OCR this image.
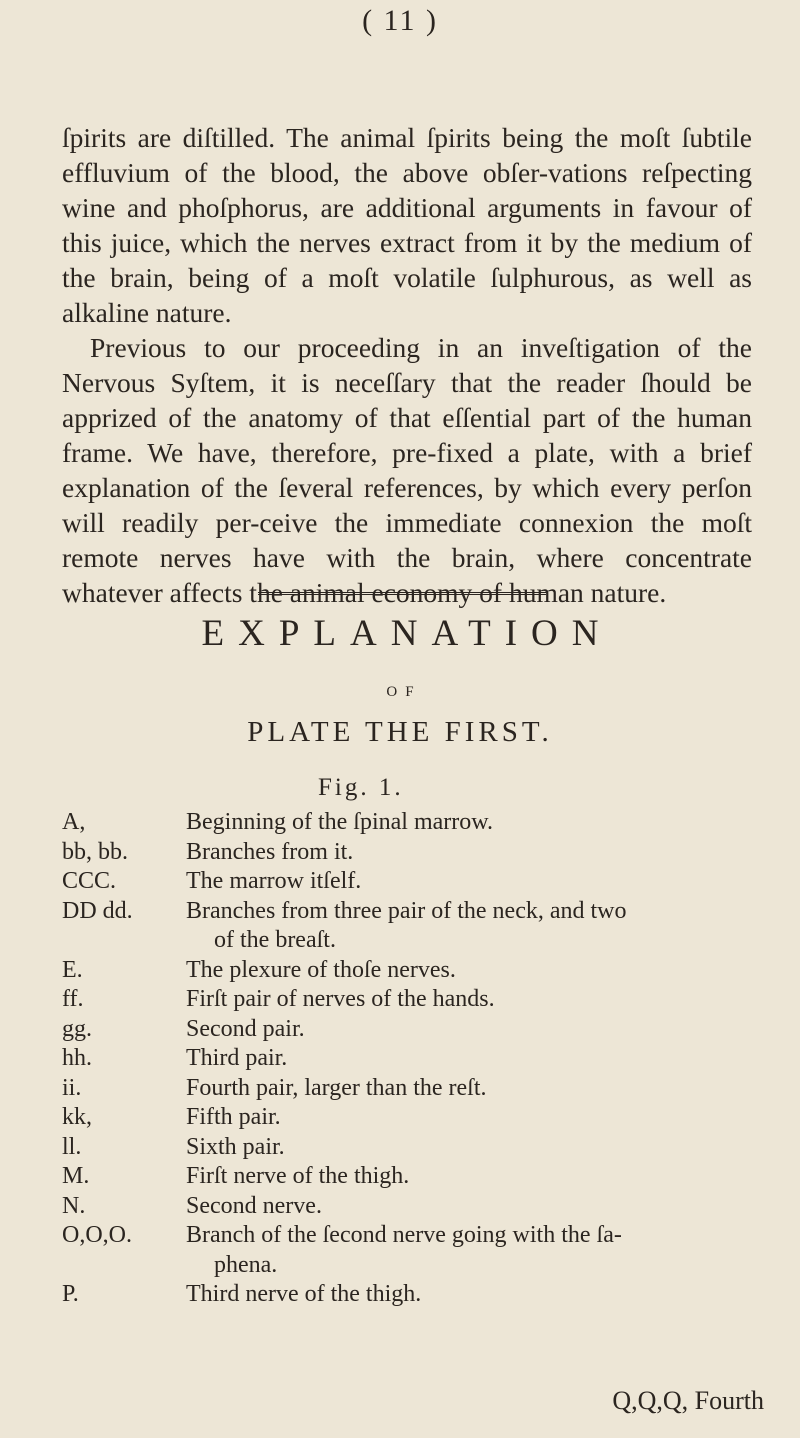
( 11 )

ſpirits are diſtilled. The animal ſpirits being the moſt ſubtile effluvium of the blood, the above obſer-vations reſpecting wine and phoſphorus, are additional arguments in favour of this juice, which the nerves extract from it by the medium of the brain, being of a moſt volatile ſulphurous, as well as alkaline nature.

Previous to our proceeding in an inveſtigation of the Nervous Syſtem, it is neceſſary that the reader ſhould be apprized of the anatomy of that eſſential part of the human frame. We have, therefore, pre-fixed a plate, with a brief explanation of the ſeveral references, by which every perſon will readily per-ceive the immediate connexion the moſt remote nerves have with the brain, where concentrate whatever affects the animal economy of human nature.

EXPLANATION
OF
PLATE THE FIRST.
Fig. 1.
A,	Beginning of the ſpinal marrow.
bb, bb.	Branches from it.
CCC.	The marrow itſelf.
DD dd.	Branches from three pair of the neck, and two
of the breaſt.
E.	The plexure of thoſe nerves.
ff.	Firſt pair of nerves of the hands.
gg.	Second pair.
hh.	Third pair.
ii.	Fourth pair, larger than the reſt.
kk,	Fifth pair.
ll.	Sixth pair.
M.	Firſt nerve of the thigh.
N.	Second nerve.
O,O,O.	Branch of the ſecond nerve going with the ſa-
phena.
P.	Third nerve of the thigh.
Q,Q,Q, Fourth
